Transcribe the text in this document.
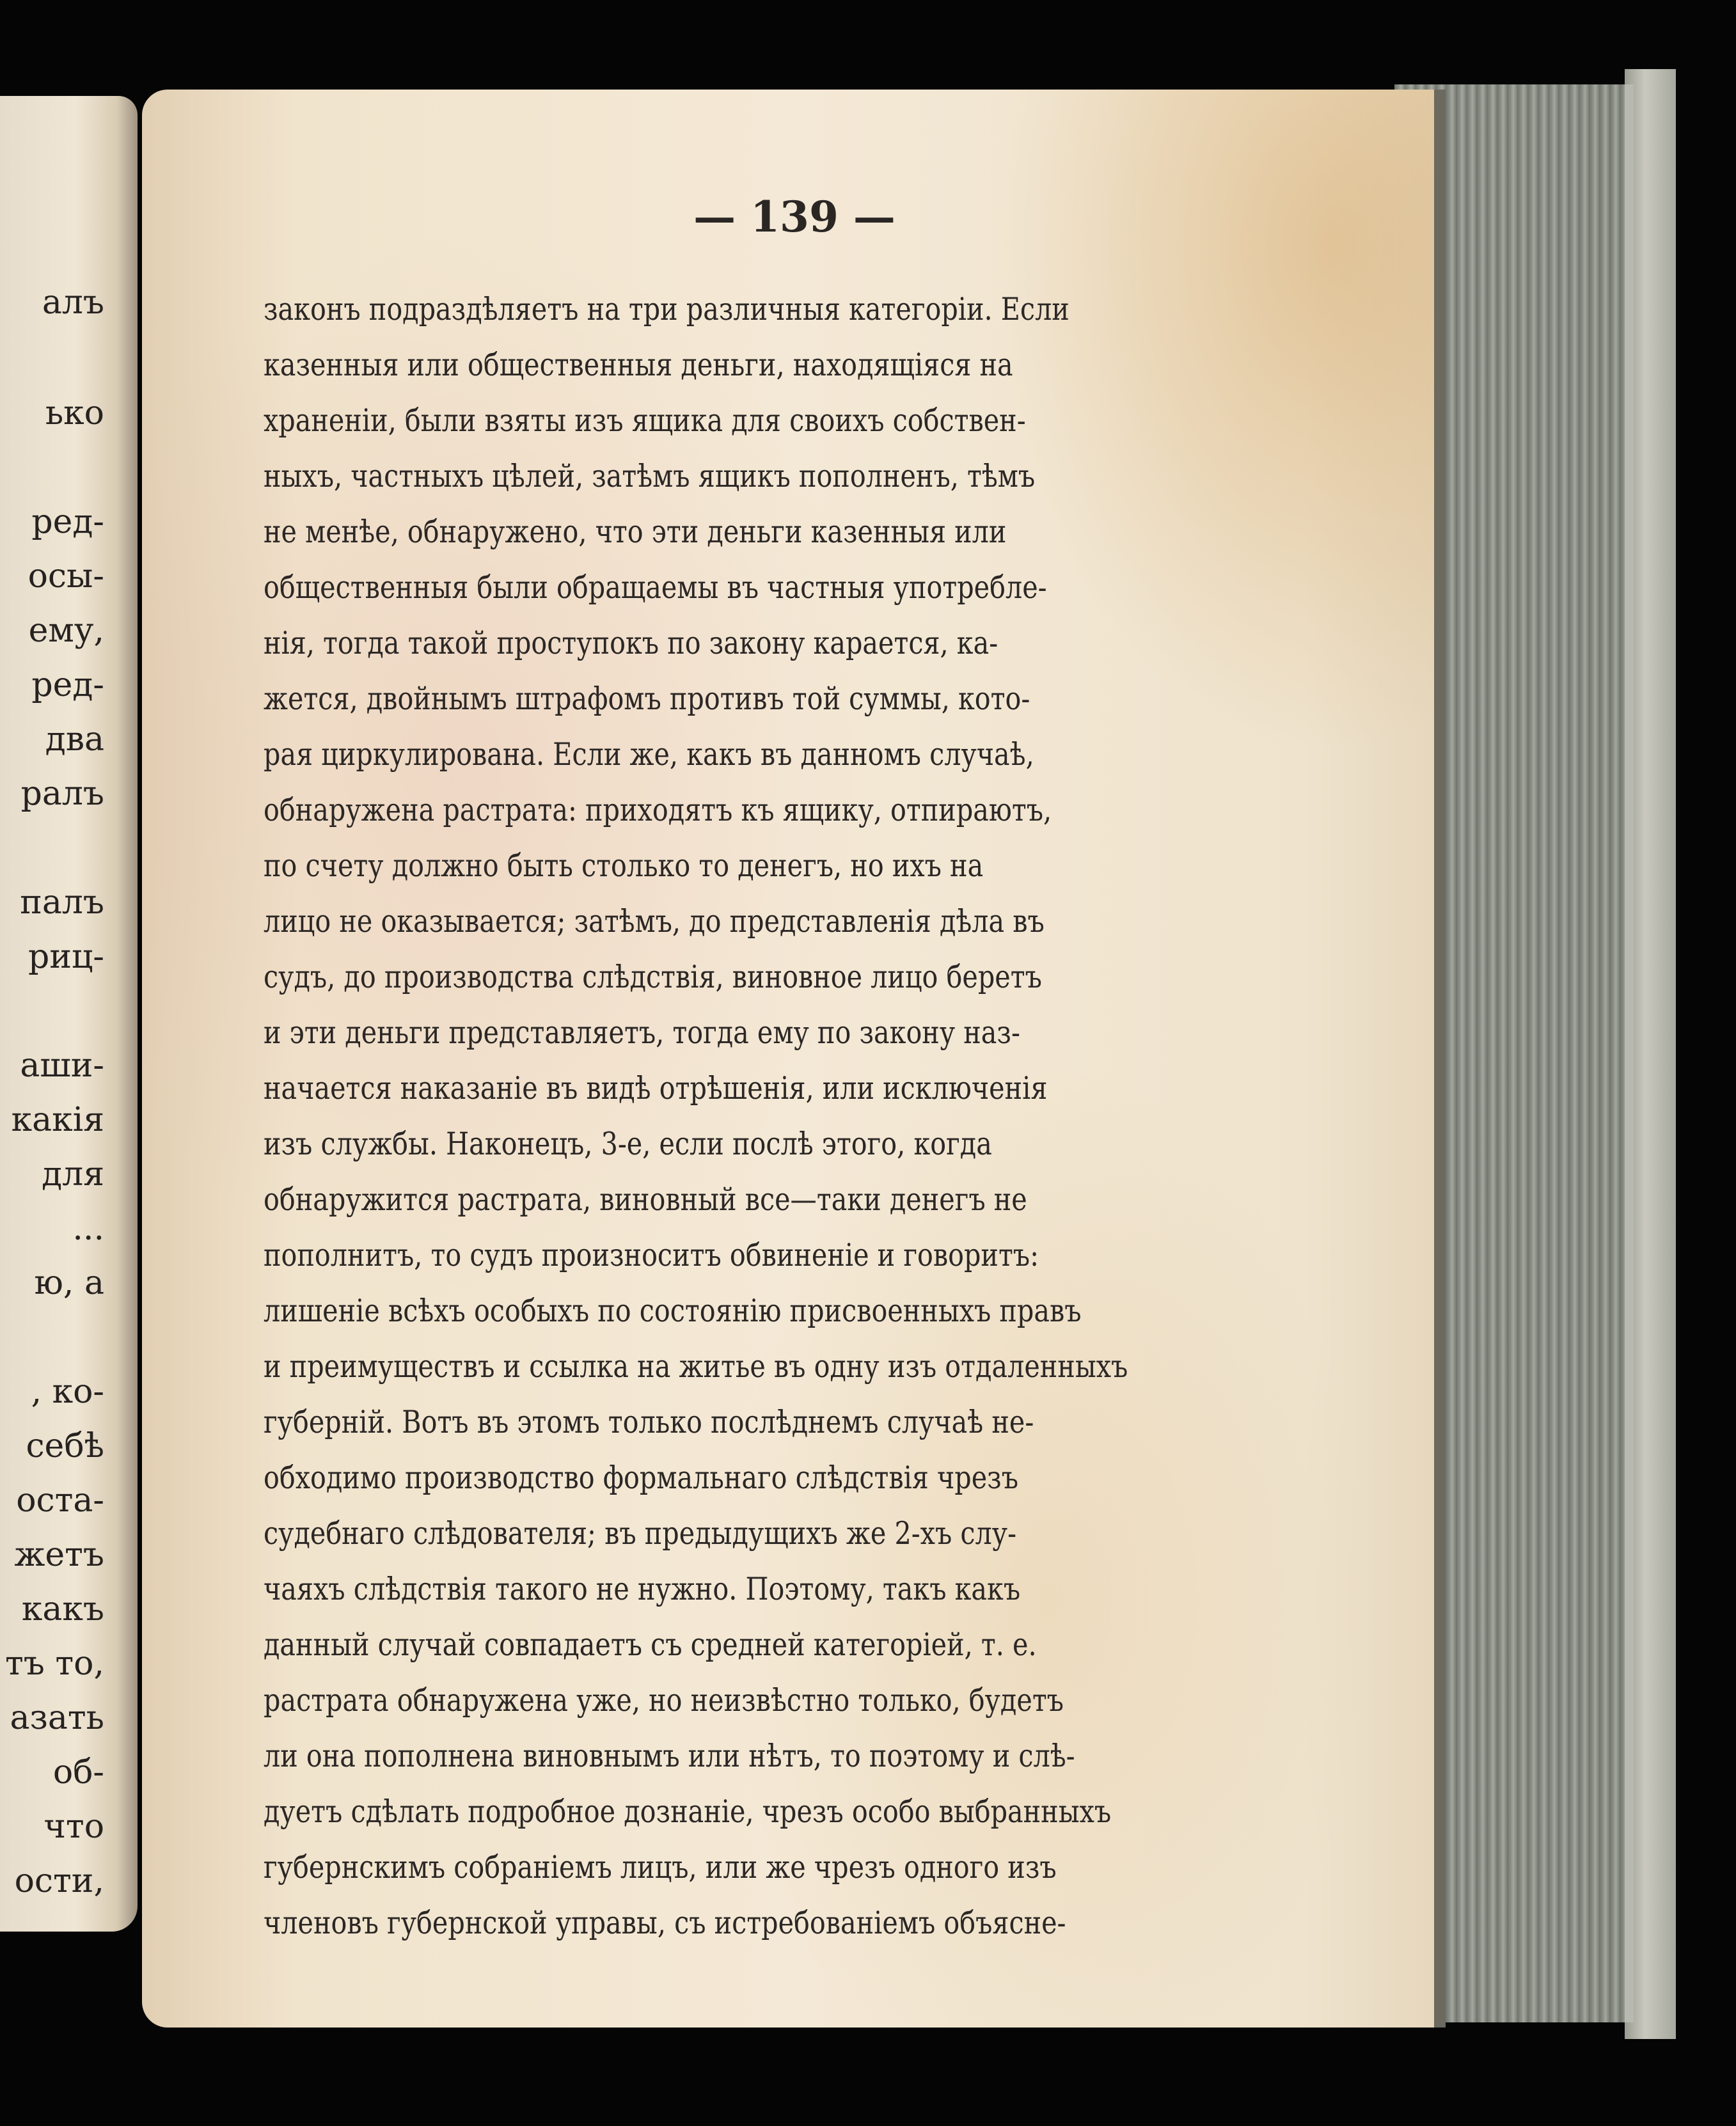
алъ
ько
ред-
осы-
ему,
ред-
два
ралъ
палъ
риц-
аши-
какія
для
...
ю, а
, ко-
себѣ
оста-
жетъ
какъ
тъ то,
азать
об-
что
ости,
— 139 —
законъ подраздѣляетъ на три различныя категоріи. Если
казенныя или общественныя деньги, находящіяся на
храненіи, были взяты изъ ящика для своихъ собствен-
ныхъ, частныхъ цѣлей, затѣмъ ящикъ пополненъ, тѣмъ
не менѣе, обнаружено, что эти деньги казенныя или
общественныя были обращаемы въ частныя употребле-
нія, тогда такой проступокъ по закону карается, ка-
жется, двойнымъ штрафомъ противъ той суммы, кото-
рая циркулирована. Если же, какъ въ данномъ случаѣ,
обнаружена растрата: приходятъ къ ящику, отпираютъ,
по счету должно быть столько то денегъ, но ихъ на
лицо не оказывается; затѣмъ, до представленія дѣла въ
судъ, до производства слѣдствія, виновное лицо беретъ
и эти деньги представляетъ, тогда ему по закону наз-
начается наказаніе въ видѣ отрѣшенія, или исключенія
изъ службы. Наконецъ, 3-е, если послѣ этого, когда
обнаружится растрата, виновный все—таки денегъ не
пополнитъ, то судъ произноситъ обвиненіе и говоритъ:
лишеніе всѣхъ особыхъ по состоянію присвоенныхъ правъ
и преимуществъ и ссылка на житье въ одну изъ отдаленныхъ
губерній. Вотъ въ этомъ только послѣднемъ случаѣ не-
обходимо производство формальнаго слѣдствія чрезъ
судебнаго слѣдователя; въ предыдущихъ же 2-хъ слу-
чаяхъ слѣдствія такого не нужно. Поэтому, такъ какъ
данный случай совпадаетъ съ средней категоріей, т. е.
растрата обнаружена уже, но неизвѣстно только, будетъ
ли она пополнена виновнымъ или нѣтъ, то поэтому и слѣ-
дуетъ сдѣлать подробное дознаніе, чрезъ особо выбранныхъ
губернскимъ собраніемъ лицъ, или же чрезъ одного изъ
членовъ губернской управы, съ истребованіемъ объясне-
